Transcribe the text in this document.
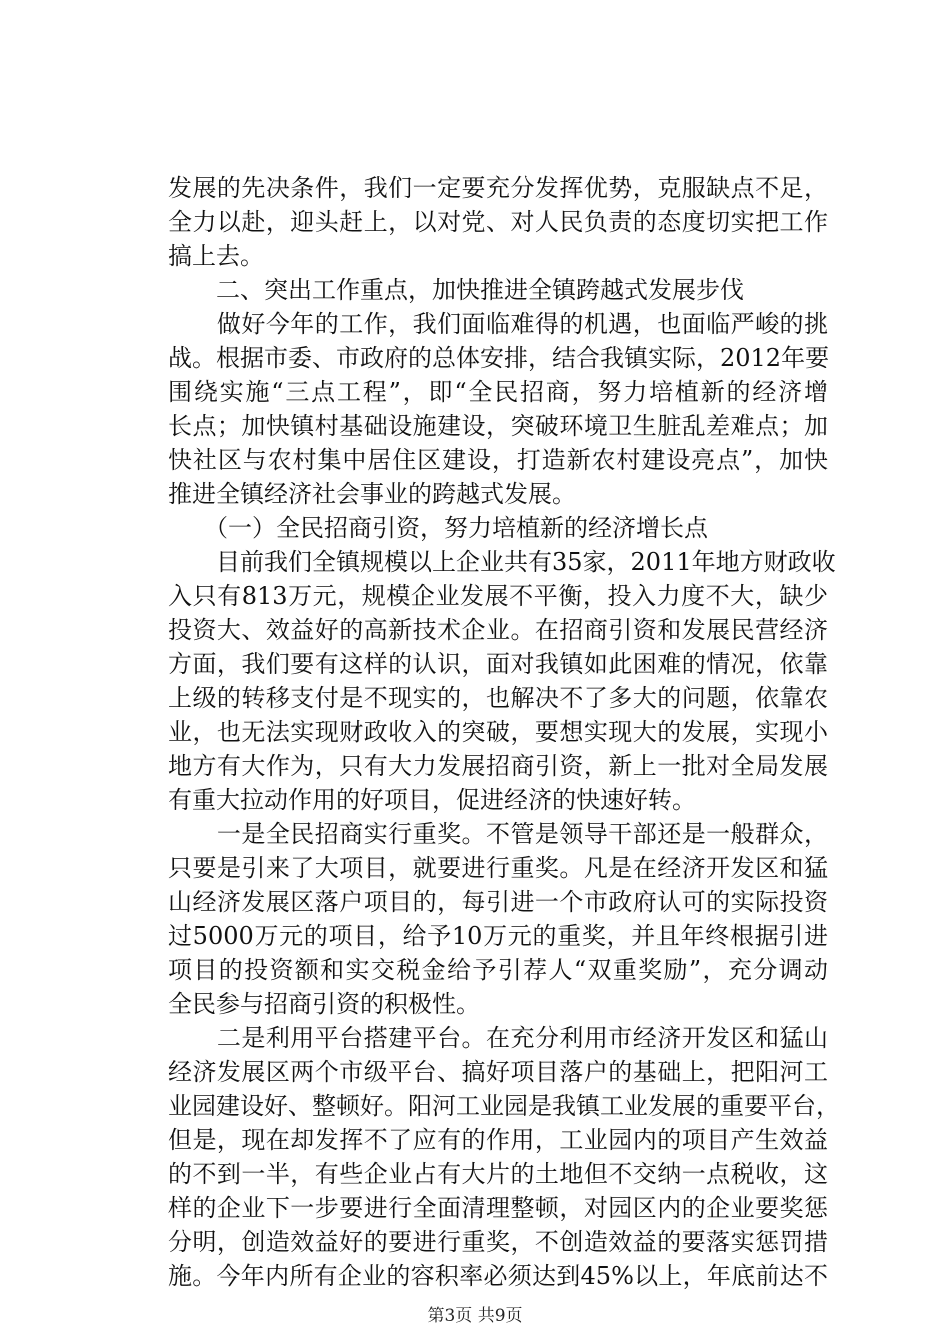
发展的先决条件，我们一定要充分发挥优势，克服缺点不足，
全力以赴，迎头赶上，以对党、对人民负责的态度切实把工作
搞上去。
　　二、突出工作重点，加快推进全镇跨越式发展步伐
　　做好今年的工作，我们面临难得的机遇，也面临严峻的挑
战。根据市委、市政府的总体安排，结合我镇实际，2012年要
围绕实施“三点工程”，即“全民招商，努力培植新的经济增
长点；加快镇村基础设施建设，突破环境卫生脏乱差难点；加
快社区与农村集中居住区建设，打造新农村建设亮点”，加快
推进全镇经济社会事业的跨越式发展。
　　（一）全民招商引资，努力培植新的经济增长点
　　目前我们全镇规模以上企业共有35家，2011年地方财政收
入只有813万元，规模企业发展不平衡，投入力度不大，缺少
投资大、效益好的高新技术企业。在招商引资和发展民营经济
方面，我们要有这样的认识，面对我镇如此困难的情况，依靠
上级的转移支付是不现实的，也解决不了多大的问题，依靠农
业，也无法实现财政收入的突破，要想实现大的发展，实现小
地方有大作为，只有大力发展招商引资，新上一批对全局发展
有重大拉动作用的好项目，促进经济的快速好转。
　　一是全民招商实行重奖。不管是领导干部还是一般群众，
只要是引来了大项目，就要进行重奖。凡是在经济开发区和猛
山经济发展区落户项目的，每引进一个市政府认可的实际投资
过5000万元的项目，给予10万元的重奖，并且年终根据引进
项目的投资额和实交税金给予引荐人“双重奖励”，充分调动
全民参与招商引资的积极性。
　　二是利用平台搭建平台。在充分利用市经济开发区和猛山
经济发展区两个市级平台、搞好项目落户的基础上，把阳河工
业园建设好、整顿好。阳河工业园是我镇工业发展的重要平台，
但是，现在却发挥不了应有的作用，工业园内的项目产生效益
的不到一半，有些企业占有大片的土地但不交纳一点税收，这
样的企业下一步要进行全面清理整顿，对园区内的企业要奖惩
分明，创造效益好的要进行重奖，不创造效益的要落实惩罚措
施。今年内所有企业的容积率必须达到45%以上，年底前达不
第3页 共9页
